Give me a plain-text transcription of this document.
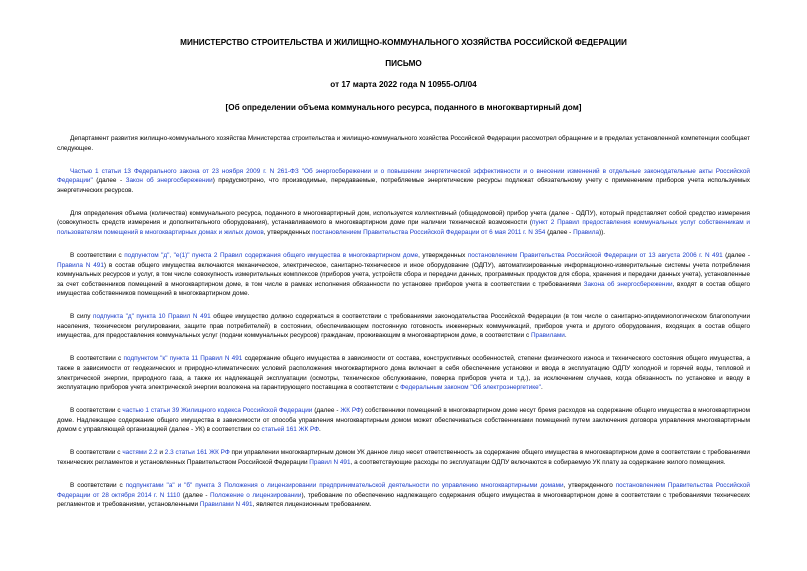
МИНИСТЕРСТВО СТРОИТЕЛЬСТВА И ЖИЛИЩНО-КОММУНАЛЬНОГО ХОЗЯЙСТВА РОССИЙСКОЙ ФЕДЕРАЦИИ
ПИСЬМО
от 17 марта 2022 года N 10955-ОЛ/04
[Об определении объема коммунального ресурса, поданного в многоквартирный дом]

Департамент развития жилищно-коммунального хозяйства Министерства строительства и жилищно-коммунального хозяйства Российской Федерации рассмотрел обращение и в пределах установленной компетенции сообщает следующее.

Частью 1 статьи 13 Федерального закона от 23 ноября 2009 г. N 261-ФЗ "Об энергосбережении и о повышении энергетической эффективности и о внесении изменений в отдельные законодательные акты Российской Федерации" (далее - Закон об энергосбережении) предусмотрено, что производимые, передаваемые, потребляемые энергетические ресурсы подлежат обязательному учету с применением приборов учета используемых энергетических ресурсов.

Для определения объема (количества) коммунального ресурса, поданного в многоквартирный дом, используется коллективный (общедомовой) прибор учета (далее - ОДПУ), который представляет собой средство измерения (совокупность средств измерения и дополнительного оборудования), устанавливаемого в многоквартирном доме при наличии технической возможности (пункт 2 Правил предоставления коммунальных услуг собственникам и пользователям помещений в многоквартирных домах и жилых домов, утвержденных постановлением Правительства Российской Федерации от 6 мая 2011 г. N 354 (далее - Правила)).

В соответствии с подпунктом "д", "е(1)" пункта 2 Правил содержания общего имущества в многоквартирном доме, утвержденных постановлением Правительства Российской Федерации от 13 августа 2006 г. N 491 (далее - Правила N 491) в состав общего имущества включаются механическое, электрическое, санитарно-техническое и иное оборудование (ОДПУ), автоматизированные информационно-измерительные системы учета потребления коммунальных ресурсов и услуг, в том числе совокупность измерительных комплексов (приборов учета, устройств сбора и передачи данных, программных продуктов для сбора, хранения и передачи данных учета), установленные за счет собственников помещений в многоквартирном доме, в том числе в рамках исполнения обязанности по установке приборов учета в соответствии с требованиями Закона об энергосбережении, входят в состав общего имущества собственников помещений в многоквартирном доме.

В силу подпункта "д" пункта 10 Правил N 491 общее имущество должно содержаться в соответствии с требованиями законодательства Российской Федерации (в том числе о санитарно-эпидемиологическом благополучии населения, техническом регулировании, защите прав потребителей) в состоянии, обеспечивающем постоянную готовность инженерных коммуникаций, приборов учета и другого оборудования, входящих в состав общего имущества, для предоставления коммунальных услуг (подачи коммунальных ресурсов) гражданам, проживающим в многоквартирном доме, в соответствии с Правилами.

В соответствии с подпунктом "к" пункта 11 Правил N 491 содержание общего имущества в зависимости от состава, конструктивных особенностей, степени физического износа и технического состояния общего имущества, а также в зависимости от геодезических и природно-климатических условий расположения многоквартирного дома включает в себя обеспечение установки и ввода в эксплуатацию ОДПУ холодной и горячей воды, тепловой и электрической энергии, природного газа, а также их надлежащей эксплуатации (осмотры, техническое обслуживание, поверка приборов учета и т.д.), за исключением случаев, когда обязанность по установке и вводу в эксплуатацию приборов учета электрической энергии возложена на гарантирующего поставщика в соответствии с Федеральным законом "Об электроэнергетике".

В соответствии с частью 1 статьи 39 Жилищного кодекса Российской Федерации (далее - ЖК РФ) собственники помещений в многоквартирном доме несут бремя расходов на содержание общего имущества в многоквартирном доме. Надлежащее содержание общего имущества в зависимости от способа управления многоквартирным домом может обеспечиваться собственниками помещений путем заключения договора управления многоквартирным домом с управляющей организацией (далее - УК) в соответствии со статьей 161 ЖК РФ.

В соответствии с частями 2.2 и 2.3 статьи 161 ЖК РФ при управлении многоквартирным домом УК данное лицо несет ответственность за содержание общего имущества в многоквартирном доме в соответствии с требованиями технических регламентов и установленных Правительством Российской Федерации Правил N 491, а соответствующие расходы по эксплуатации ОДПУ включаются в собираемую УК плату за содержание жилого помещения.

В соответствии с подпунктами "а" и "б" пункта 3 Положения о лицензировании предпринимательской деятельности по управлению многоквартирными домами, утвержденного постановлением Правительства Российской Федерации от 28 октября 2014 г. N 1110 (далее - Положение о лицензировании), требование по обеспечению надлежащего содержания общего имущества в многоквартирном доме в соответствии с требованиями технических регламентов и требованиями, установленными Правилами N 491, является лицензионным требованием.
